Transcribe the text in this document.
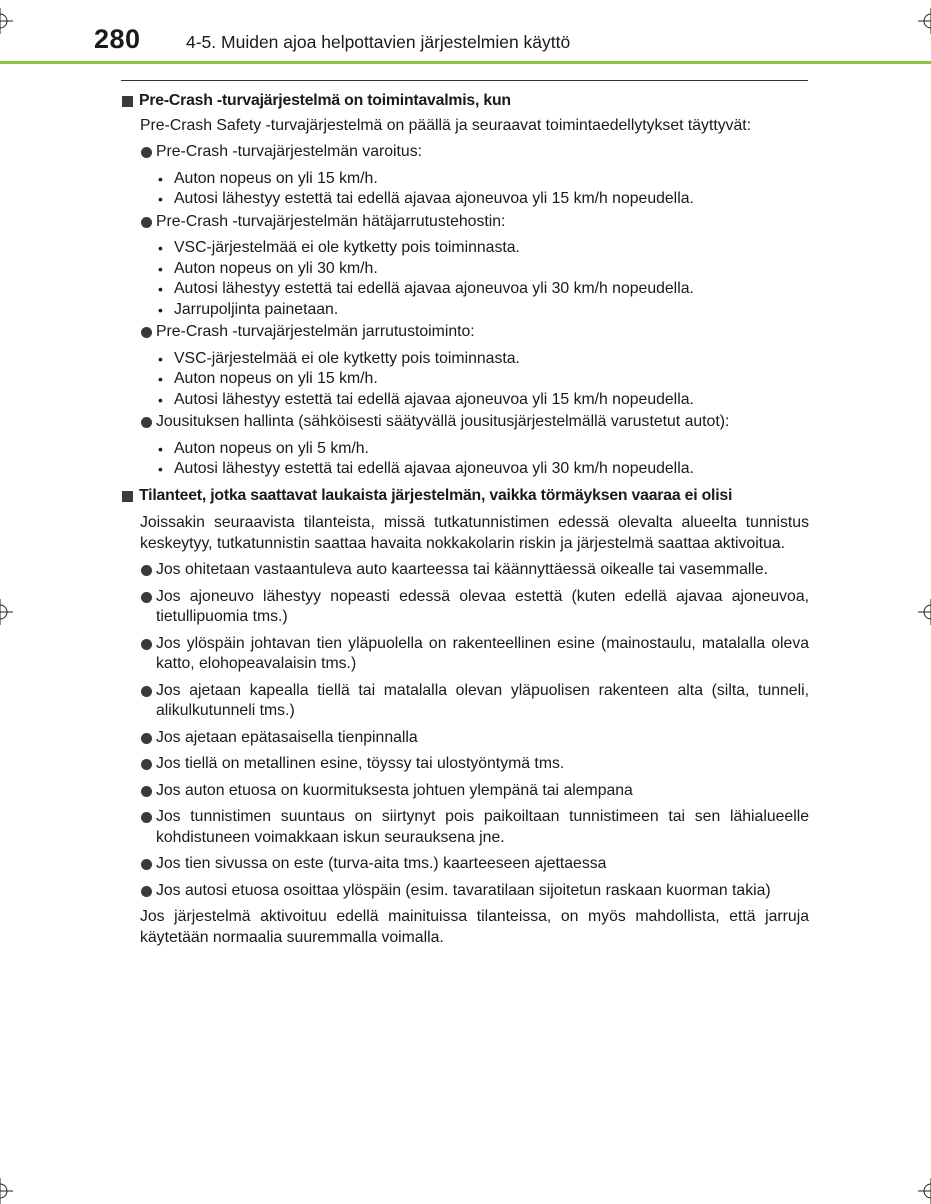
280	4-5. Muiden ajoa helpottavien järjestelmien käyttö
Pre-Crash -turvajärjestelmä on toimintavalmis, kun
Pre-Crash Safety -turvajärjestelmä on päällä ja seuraavat toimintaedellytykset täyttyvät:
Pre-Crash -turvajärjestelmän varoitus:
• Auton nopeus on yli 15 km/h.
• Autosi lähestyy estettä tai edellä ajavaa ajoneuvoa yli 15 km/h nopeudella.
Pre-Crash -turvajärjestelmän hätäjarrutustehostin:
• VSC-järjestelmää ei ole kytketty pois toiminnasta.
• Auton nopeus on yli 30 km/h.
• Autosi lähestyy estettä tai edellä ajavaa ajoneuvoa yli 30 km/h nopeudella.
• Jarrupoljinta painetaan.
Pre-Crash -turvajärjestelmän jarrutustoiminto:
• VSC-järjestelmää ei ole kytketty pois toiminnasta.
• Auton nopeus on yli 15 km/h.
• Autosi lähestyy estettä tai edellä ajavaa ajoneuvoa yli 15 km/h nopeudella.
Jousituksen hallinta (sähköisesti säätyvällä jousitusjärjestelmällä varustetut autot):
• Auton nopeus on yli 5 km/h.
• Autosi lähestyy estettä tai edellä ajavaa ajoneuvoa yli 30 km/h nopeudella.
Tilanteet, jotka saattavat laukaista järjestelmän, vaikka törmäyksen vaaraa ei olisi
Joissakin seuraavista tilanteista, missä tutkatunnistimen edessä olevalta alueelta tunnistus keskeytyy, tutkatunnistin saattaa havaita nokkakolarin riskin ja järjestelmä saattaa aktivoitua.
Jos ohitetaan vastaantuleva auto kaarteessa tai käännyttäessä oikealle tai vasemmalle.
Jos ajoneuvo lähestyy nopeasti edessä olevaa estettä (kuten edellä ajavaa ajoneuvoa, tietullipuomia tms.)
Jos ylöspäin johtavan tien yläpuolella on rakenteellinen esine (mainostaulu, matalalla oleva katto, elohopeavalaisin tms.)
Jos ajetaan kapealla tiellä tai matalalla olevan yläpuolisen rakenteen alta (silta, tunneli, alikulkutunneli tms.)
Jos ajetaan epätasaisella tienpinnalla
Jos tiellä on metallinen esine, töyssy tai ulostyöntymä tms.
Jos auton etuosa on kuormituksesta johtuen ylempänä tai alempana
Jos tunnistimen suuntaus on siirtynyt pois paikoiltaan tunnistimeen tai sen lähialueelle kohdistuneen voimakkaan iskun seurauksena jne.
Jos tien sivussa on este (turva-aita tms.) kaarteeseen ajettaessa
Jos autosi etuosa osoittaa ylöspäin (esim. tavaratilaan sijoitetun raskaan kuorman takia)
Jos järjestelmä aktivoituu edellä mainituissa tilanteissa, on myös mahdollista, että jarruja käytetään normaalia suuremmalla voimalla.
